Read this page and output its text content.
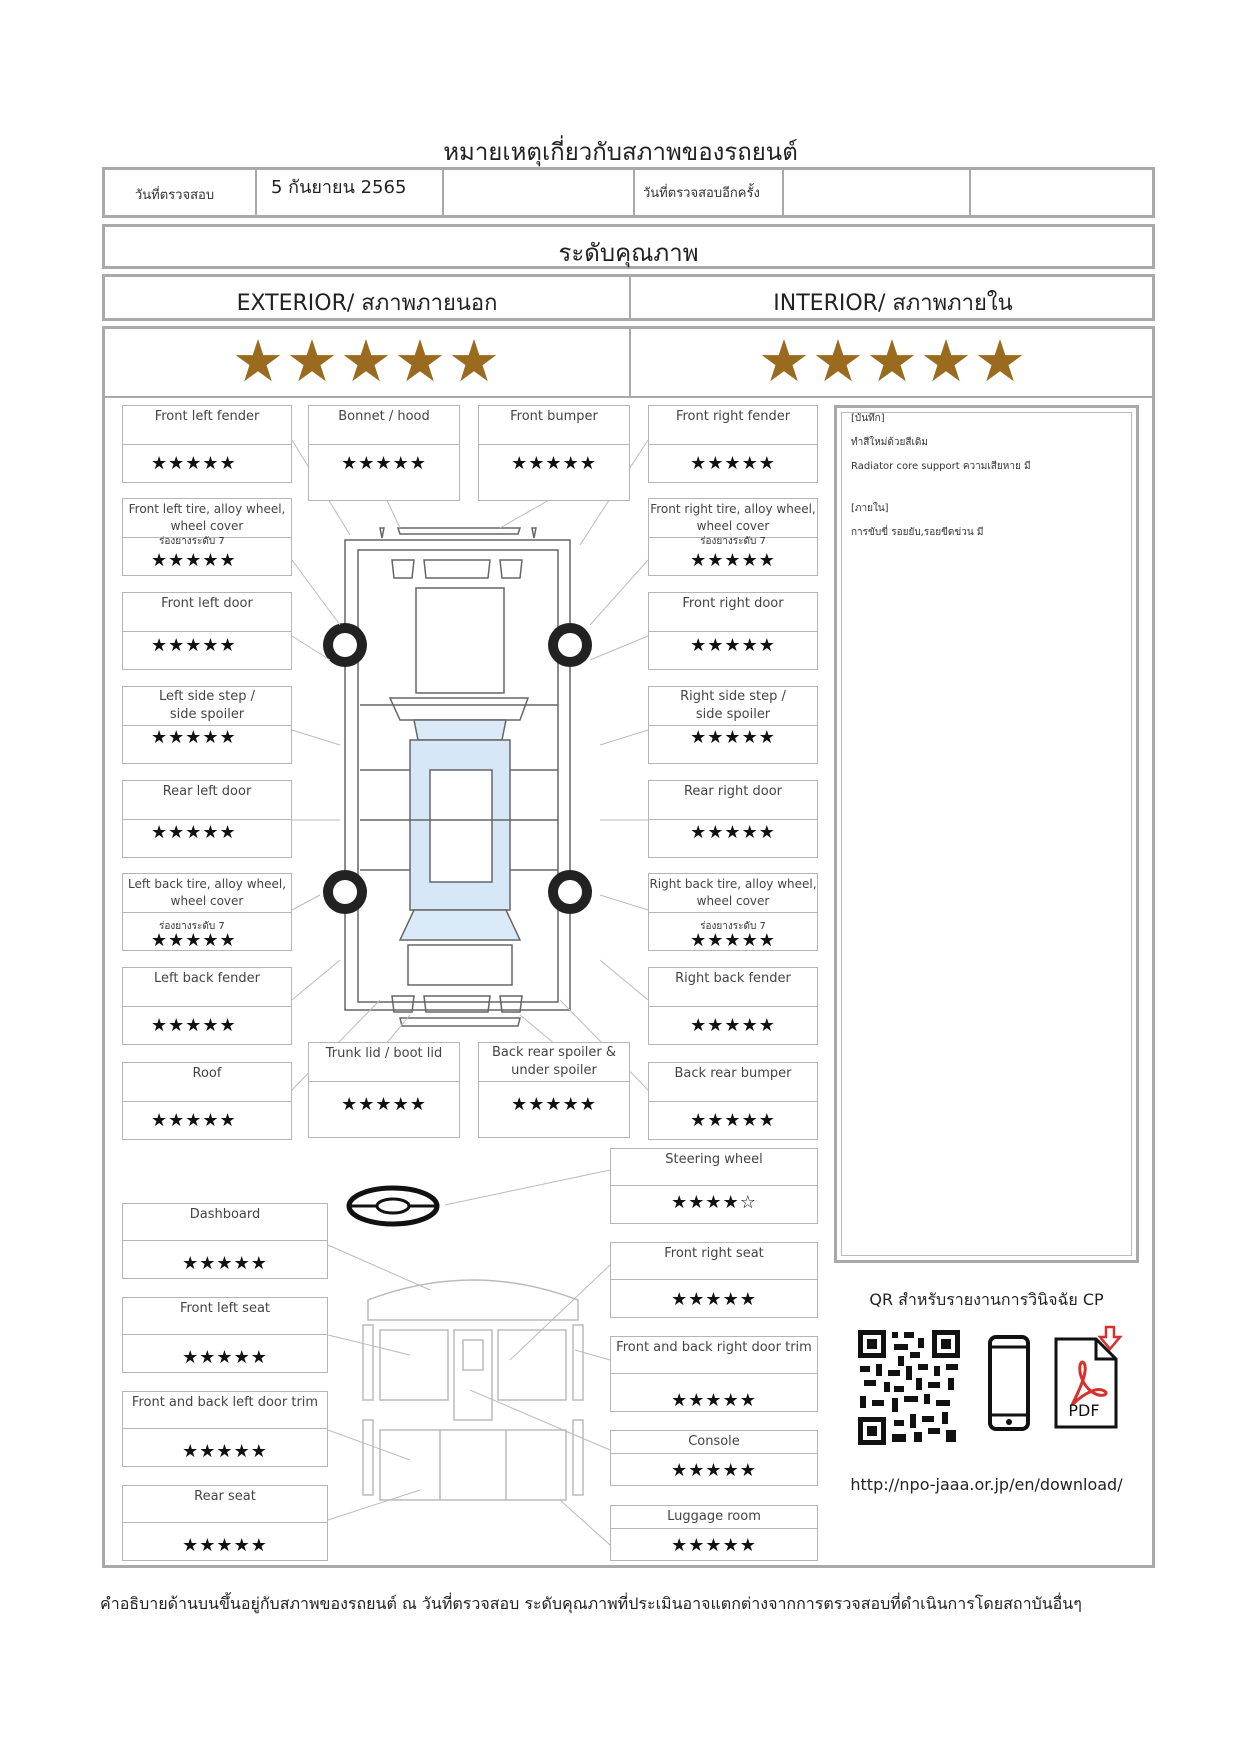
หมายเหตุเกี่ยวกับสภาพของรถยนต์
วันที่ตรวจสอบ	5 กันยายน 2565	วันที่ตรวจสอบอีกครั้ง
ระดับคุณภาพ
EXTERIOR/ สภาพภายนอก	INTERIOR/ สภาพภายใน
★★★★★	★★★★★
Front left fender
★★★★★
Bonnet / hood
★★★★★
Front bumper
★★★★★
Front right fender
★★★★★
Front left tire, alloy wheel, wheel cover
ร่องยางระดับ 7
★★★★★
Front right tire, alloy wheel, wheel cover
ร่องยางระดับ 7
★★★★★
Front left door
★★★★★
Front right door
★★★★★
Left side step / side spoiler
★★★★★
Right side step / side spoiler
★★★★★
Rear left door
★★★★★
Rear right door
★★★★★
Left back tire, alloy wheel, wheel cover
ร่องยางระดับ 7
★★★★★
Right back tire, alloy wheel, wheel cover
ร่องยางระดับ 7
★★★★★
Left back fender
★★★★★
Right back fender
★★★★★
Trunk lid / boot lid
★★★★★
Back rear spoiler & under spoiler
★★★★★
Roof
★★★★★
Back rear bumper
★★★★★
Steering wheel
★★★★☆
Dashboard
★★★★★	Front right seat
★★★★★
Front left seat
★★★★★	Front and back right door trim
★★★★★
Front and back left door trim
★★★★★	Console
★★★★★
Rear seat
★★★★★
Luggage room
★★★★★
[บันทึก]
ทำสีใหม่ด้วยสีเดิม
Radiator core support ความเสียหาย มี
[ภายใน]
การขับขี่ รอยยับ,รอยขีดข่วน มี
QR สำหรับรายงานการวินิจฉัย CP
PDF
http://npo-jaaa.or.jp/en/download/
คำอธิบายด้านบนขึ้นอยู่กับสภาพของรถยนต์ ณ วันที่ตรวจสอบ ระดับคุณภาพที่ประเมินอาจแตกต่างจากการตรวจสอบที่ดำเนินการโดยสถาบันอื่นๆ
